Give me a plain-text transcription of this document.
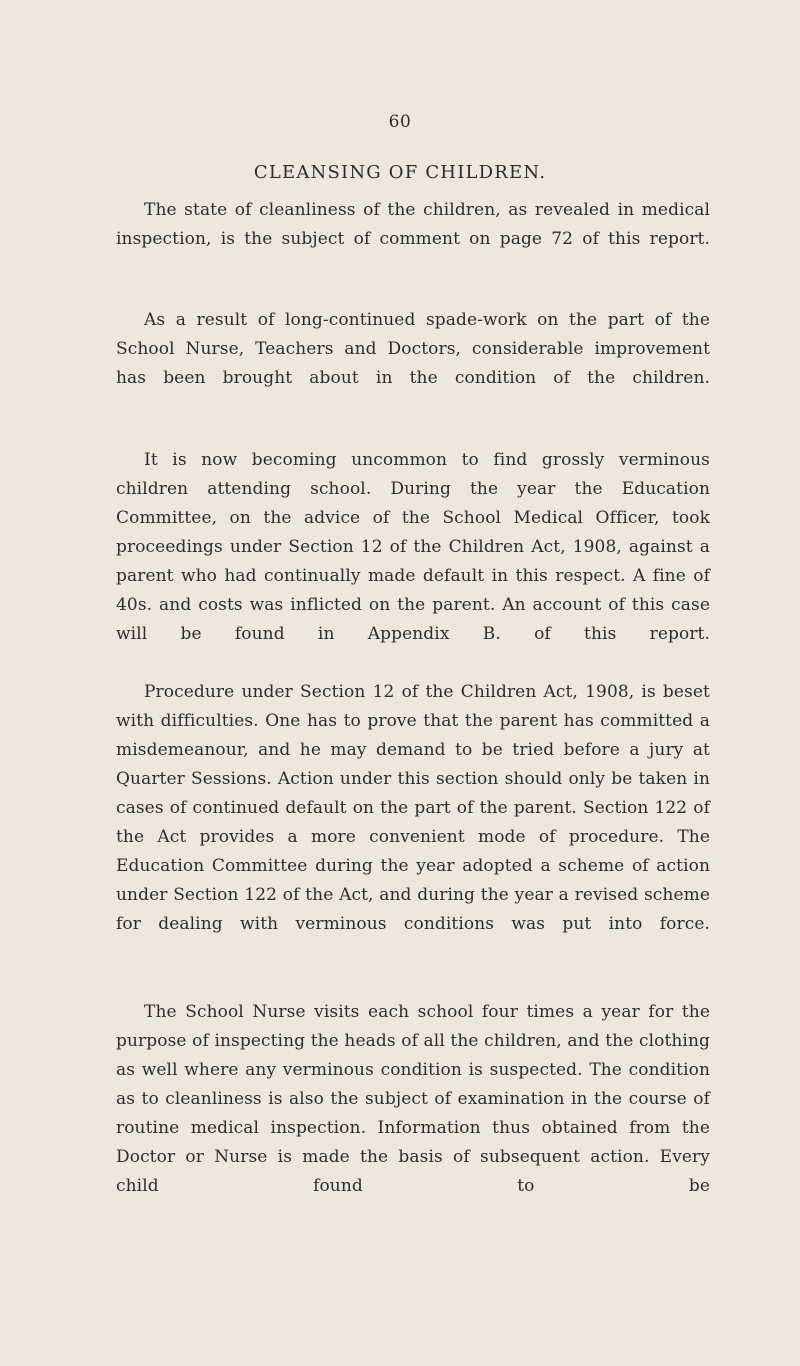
60
CLEANSING OF CHILDREN.

The state of cleanliness of the children, as revealed in medical inspection, is the subject of comment on page 72 of this report.

As a result of long-continued spade-work on the part of the School Nurse, Teachers and Doctors, considerable improvement has been brought about in the condition of the children.

It is now becoming uncommon to find grossly verminous children attending school. During the year the Education Committee, on the advice of the School Medical Officer, took proceedings under Section 12 of the Children Act, 1908, against a parent who had continually made default in this respect. A fine of 40s. and costs was inflicted on the parent. An account of this case will be found in Appendix B. of this report.

Procedure under Section 12 of the Children Act, 1908, is beset with difficulties. One has to prove that the parent has committed a misdemeanour, and he may demand to be tried before a jury at Quarter Sessions. Action under this section should only be taken in cases of continued default on the part of the parent. Section 122 of the Act provides a more convenient mode of procedure. The Education Committee during the year adopted a scheme of action under Section 122 of the Act, and during the year a revised scheme for dealing with verminous conditions was put into force.

The School Nurse visits each school four times a year for the purpose of inspecting the heads of all the children, and the clothing as well where any verminous condition is suspected. The condition as to cleanliness is also the subject of examination in the course of routine medical inspection. Information thus obtained from the Doctor or Nurse is made the basis of subsequent action. Every child found to be
